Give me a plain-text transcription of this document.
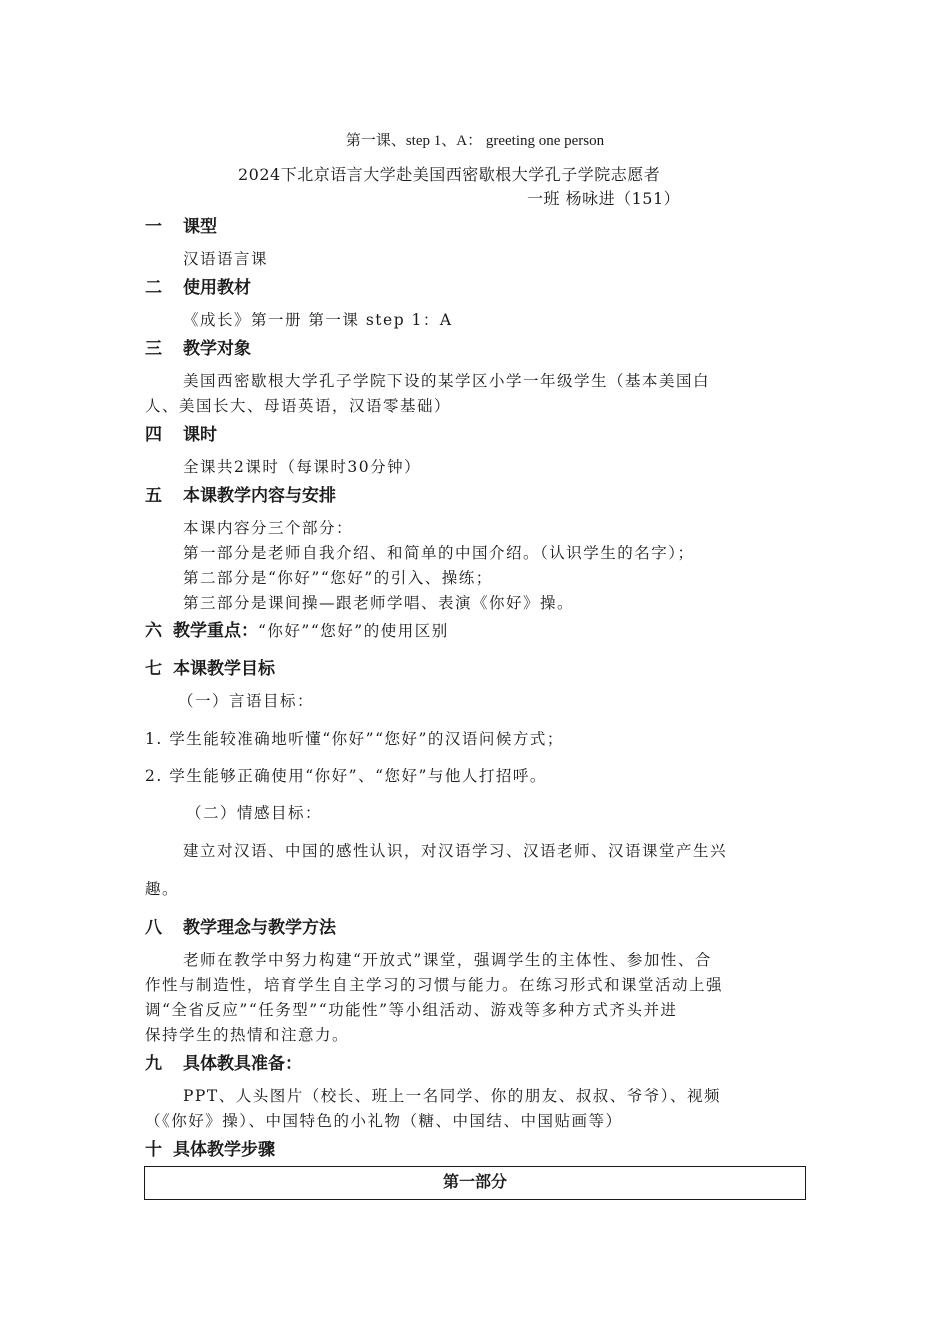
第一课、step 1、A： greeting one person
2024下北京语言大学赴美国西密歇根大学孔子学院志愿者
一班 杨咏进（151）
一 课型
汉语语言课
二 使用教材
《成长》第一册 第一课 step 1：A
三 教学对象
美国西密歇根大学孔子学院下设的某学区小学一年级学生（基本美国白
人、美国长大、母语英语，汉语零基础）
四 课时
全课共2课时（每课时30分钟）
五 本课教学内容与安排
本课内容分三个部分：
第一部分是老师自我介绍、和简单的中国介绍。（认识学生的名字）；
第二部分是“你好”“您好”的引入、操练；
第三部分是课间操—跟老师学唱、表演《你好》操。
六 教学重点：“你好”“您好”的使用区别
七 本课教学目标
（一）言语目标：
1. 学生能较准确地听懂“你好”“您好”的汉语问候方式；
2. 学生能够正确使用“你好”、“您好”与他人打招呼。
（二）情感目标：
建立对汉语、中国的感性认识，对汉语学习、汉语老师、汉语课堂产生兴
趣。
八 教学理念与教学方法
老师在教学中努力构建“开放式”课堂，强调学生的主体性、参加性、合
作性与制造性，培育学生自主学习的习惯与能力。在练习形式和课堂活动上强
调“全省反应”“任务型”“功能性”等小组活动、游戏等多种方式齐头并进
保持学生的热情和注意力。
九 具体教具准备：
PPT、人头图片（校长、班上一名同学、你的朋友、叔叔、爷爷）、视频
（《你好》操）、中国特色的小礼物（糖、中国结、中国贴画等）
十 具体教学步骤
第一部分
